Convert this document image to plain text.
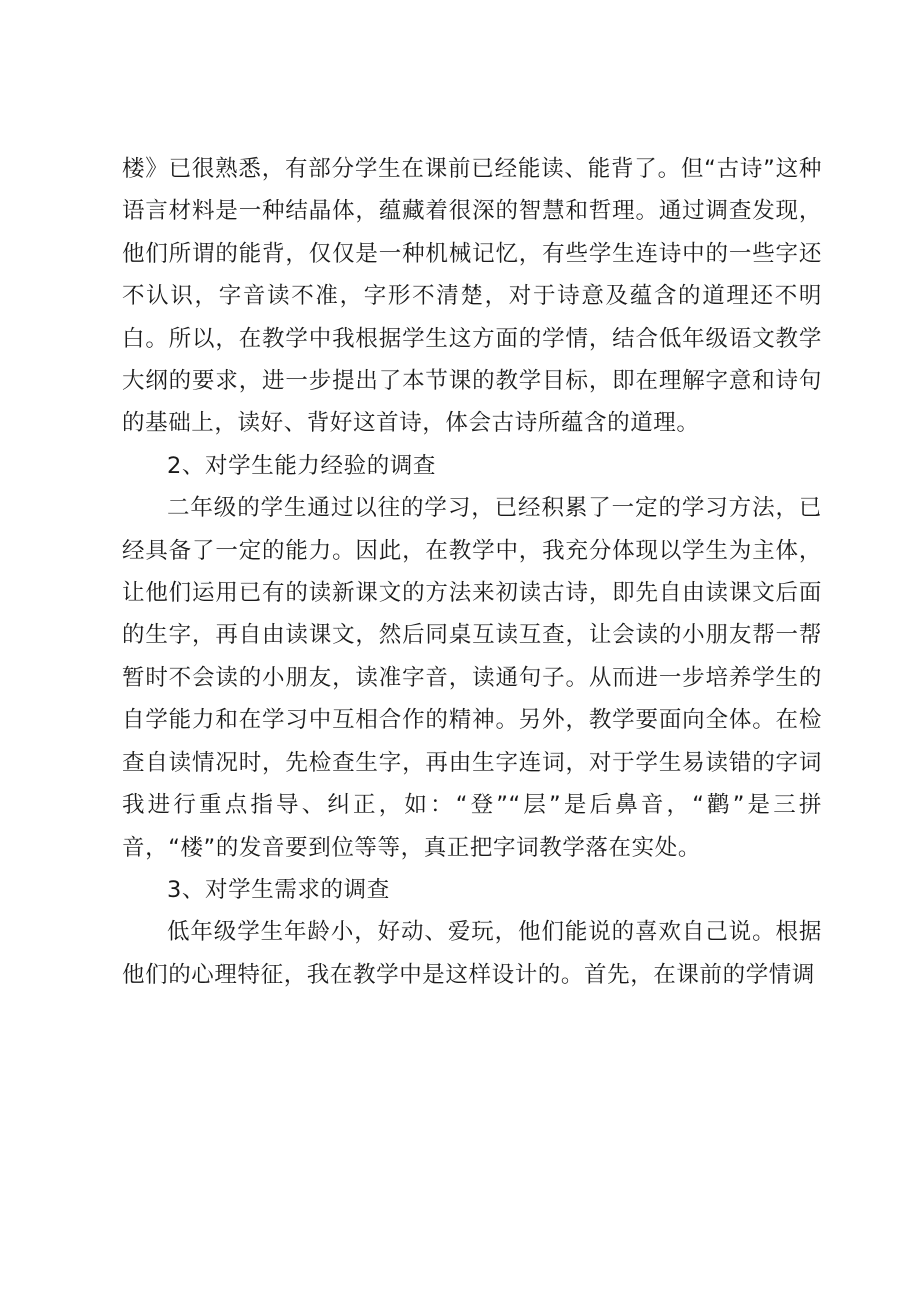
楼》已很熟悉，有部分学生在课前已经能读、能背了。但“古诗”这种语言材料是一种结晶体，蕴藏着很深的智慧和哲理。通过调查发现，他们所谓的能背，仅仅是一种机械记忆，有些学生连诗中的一些字还不认识，字音读不准，字形不清楚，对于诗意及蕴含的道理还不明白。所以，在教学中我根据学生这方面的学情，结合低年级语文教学大纲的要求，进一步提出了本节课的教学目标，即在理解字意和诗句的基础上，读好、背好这首诗，体会古诗所蕴含的道理。

2、对学生能力经验的调查

二年级的学生通过以往的学习，已经积累了一定的学习方法，已经具备了一定的能力。因此，在教学中，我充分体现以学生为主体，让他们运用已有的读新课文的方法来初读古诗，即先自由读课文后面的生字，再自由读课文，然后同桌互读互查，让会读的小朋友帮一帮暂时不会读的小朋友，读准字音，读通句子。从而进一步培养学生的自学能力和在学习中互相合作的精神。另外，教学要面向全体。在检查自读情况时，先检查生字，再由生字连词，对于学生易读错的字词我进行重点指导、纠正，如：“登”“层”是后鼻音，“鹳”是三拼音，“楼”的发音要到位等等，真正把字词教学落在实处。

3、对学生需求的调查

低年级学生年龄小，好动、爱玩，他们能说的喜欢自己说。根据他们的心理特征，我在教学中是这样设计的。首先，在课前的学情调
